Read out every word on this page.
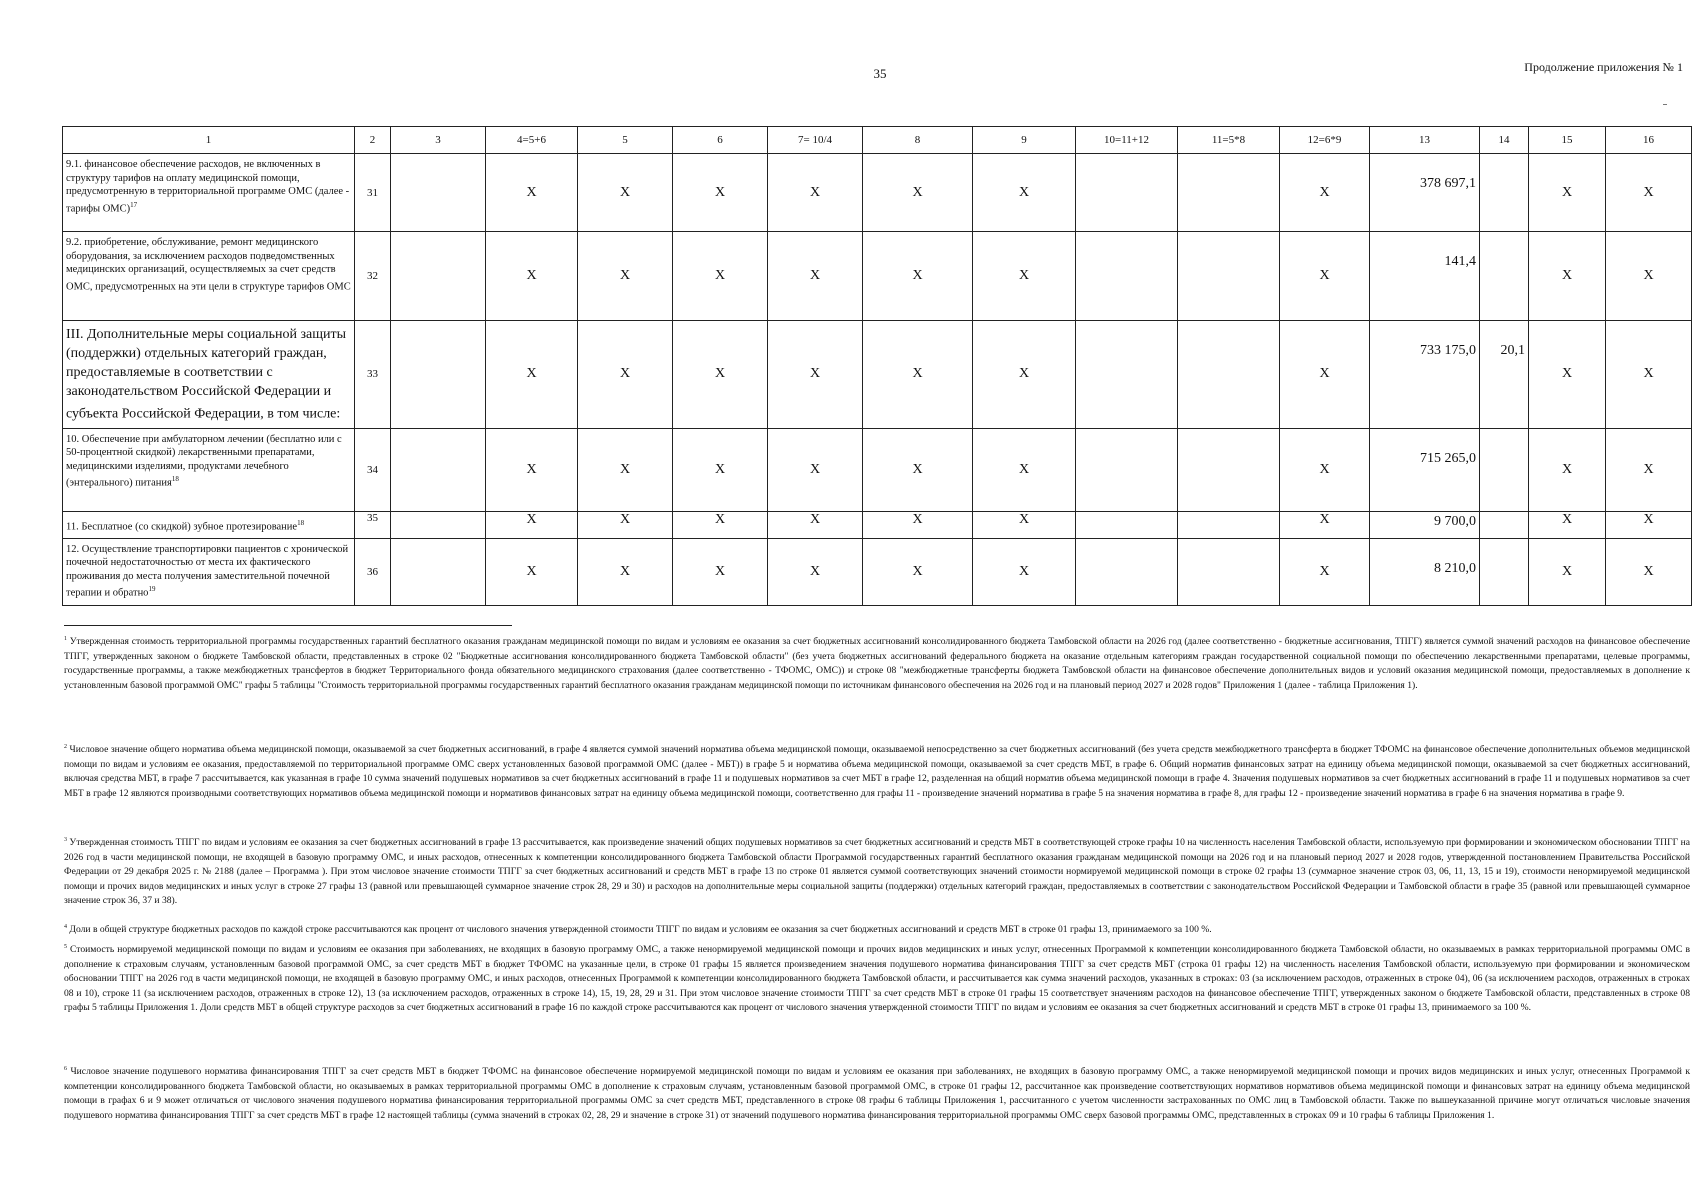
35	Продолжение приложения № 1
1	2	3	4=5+6	5	6	7= 10/4	8	9	10=11+12	11=5*8	12=6*9	13	14	15	16
9.1. финансовое обеспечение расходов, не включенных в структуру тарифов на оплату медицинской помощи, предусмотренную в территориальной программе ОМС (далее - тарифы ОМС)$^{17}$	31		X	X	X	X	X	X			X	378 697,1		X	X
9.2. приобретение, обслуживание, ремонт медицинского оборудования, за исключением расходов подведомственных медицинских организаций, осуществляемых за счет средств ОМС, предусмотренных на эти цели в структуре тарифов ОМС	32		X	X	X	X	X	X			X	141,4		X	X
III. Дополнительные меры социальной защиты (поддержки) отдельных категорий граждан, предоставляемые в соответствии с законодательством Российской Федерации и субъекта Российской Федерации, в том числе:	33		X	X	X	X	X	X			X	733 175,0	20,1	X	X
10. Обеспечение при амбулаторном лечении (бесплатно или с 50-процентной скидкой) лекарственными препаратами, медицинскими изделиями, продуктами лечебного (энтерального) питания$^{18}$	34		X	X	X	X	X	X			X	715 265,0		X	X
11. Бесплатное (со скидкой) зубное протезирование$^{18}$	35		X	X	X	X	X	X			X	9 700,0		X	X
12. Осуществление транспортировки пациентов с хронической почечной недостаточностью от места их фактического проживания до места получения заместительной почечной терапии и обратно$^{19}$	36		X	X	X	X	X	X			X	8 210,0		X	X
$^1$ Утвержденная стоимость территориальной программы государственных гарантий бесплатного оказания гражданам медицинской помощи по видам и условиям ее оказания за счет бюджетных ассигнований консолидированного бюджета Тамбовской области на 2026 год (далее соответственно - бюджетные ассигнования, ТПГГ) является суммой значений расходов на финансовое обеспечение ТПГГ, утвержденных законом о бюджете Тамбовской области, представленных в строке 02 "Бюджетные ассигнования консолидированного бюджета Тамбовской области" (без учета бюджетных ассигнований федерального бюджета на оказание отдельным категориям граждан государственной социальной помощи по обеспечению лекарственными препаратами, целевые программы, государственные программы, а также межбюджетных трансфертов в бюджет Территориального фонда обязательного медицинского страхования (далее соответственно - ТФОМС, ОМС)) и строке 08 "межбюджетные трансферты бюджета Тамбовской области на финансовое обеспечение дополнительных видов и условий оказания медицинской помощи, предоставляемых в дополнение к установленным базовой программой ОМС" графы 5 таблицы "Стоимость территориальной программы государственных гарантий бесплатного оказания гражданам медицинской помощи по источникам финансового обеспечения на 2026 год и на плановый период 2027 и 2028 годов" Приложения 1 (далее - таблица Приложения 1).
$^2$ Числовое значение общего норматива объема медицинской помощи, оказываемой за счет бюджетных ассигнований, в графе 4 является суммой значений норматива объема медицинской помощи, оказываемой непосредственно за счет бюджетных ассигнований (без учета средств межбюджетного трансферта в бюджет ТФОМС на финансовое обеспечение дополнительных объемов медицинской помощи по видам и условиям ее оказания, предоставляемой по территориальной программе ОМС сверх установленных базовой программой ОМС (далее - МБТ)) в графе 5 и норматива объема медицинской помощи, оказываемой за счет средств МБТ, в графе 6. Общий норматив финансовых затрат на единицу объема медицинской помощи, оказываемой за счет бюджетных ассигнований, включая средства МБТ, в графе 7 рассчитывается, как указанная в графе 10 сумма значений подушевых нормативов за счет бюджетных ассигнований в графе 11 и подушевых нормативов за счет МБТ в графе 12, разделенная на общий норматив объема медицинской помощи в графе 4. Значения подушевых нормативов за счет бюджетных ассигнований в графе 11 и подушевых нормативов за счет МБТ в графе 12 являются производными соответствующих нормативов объема медицинской помощи и нормативов финансовых затрат на единицу объема медицинской помощи, соответственно для графы 11 - произведение значений норматива в графе 5 на значения норматива в графе 8, для графы 12 - произведение значений норматива в графе 6 на значения норматива в графе 9.
$^3$ Утвержденная стоимость ТПГГ по видам и условиям ее оказания за счет бюджетных ассигнований в графе 13 рассчитывается, как произведение значений общих подушевых нормативов за счет бюджетных ассигнований и средств МБТ в соответствующей строке графы 10 на численность населения Тамбовской области, используемую при формировании и экономическом обосновании ТПГГ на 2026 год в части медицинской помощи, не входящей в базовую программу ОМС, и иных расходов, отнесенных к компетенции консолидированного бюджета Тамбовской области Программой государственных гарантий бесплатного оказания гражданам медицинской помощи на 2026 год и на плановый период 2027 и 2028 годов, утвержденной постановлением Правительства Российской Федерации от 29 декабря 2025 г. № 2188 (далее – Программа ). При этом числовое значение стоимости ТПГГ за счет бюджетных ассигнований и средств МБТ в графе 13 по строке 01 является суммой соответствующих значений стоимости нормируемой медицинской помощи в строке 02 графы 13 (суммарное значение строк 03, 06, 11, 13, 15 и 19), стоимости ненормируемой медицинской помощи и прочих видов медицинских и иных услуг в строке 27 графы 13 (равной или превышающей суммарное значение строк 28, 29 и 30) и расходов на дополнительные меры социальной защиты (поддержки) отдельных категорий граждан, предоставляемых в соответствии с законодательством Российской Федерации и Тамбовской области в графе 35 (равной или превышающей суммарное значение строк 36, 37 и 38).
$^4$ Доли в общей структуре бюджетных расходов по каждой строке рассчитываются как процент от числового значения утвержденной стоимости ТПГГ по видам и условиям ее оказания за счет бюджетных ассигнований и средств МБТ в строке 01 графы 13, принимаемого за 100 %.
$^5$ Стоимость нормируемой медицинской помощи по видам и условиям ее оказания при заболеваниях, не входящих в базовую программу ОМС, а также ненормируемой медицинской помощи и прочих видов медицинских и иных услуг, отнесенных Программой к компетенции консолидированного бюджета Тамбовской области, но оказываемых в рамках территориальной программы ОМС в дополнение к страховым случаям, установленным базовой программой ОМС, за счет средств МБТ в бюджет ТФОМС на указанные цели, в строке 01 графы 15 является произведением значения подушевого норматива финансирования ТПГГ за счет средств МБТ (строка 01 графы 12) на численность населения Тамбовской области, используемую при формировании и экономическом обосновании ТПГГ на 2026 год в части медицинской помощи, не входящей в базовую программу ОМС, и иных расходов, отнесенных Программой к компетенции консолидированного бюджета Тамбовской области, и рассчитывается как сумма значений расходов, указанных в строках: 03 (за исключением расходов, отраженных в строке 04), 06 (за исключением расходов, отраженных в строках 08 и 10), строке 11 (за исключением расходов, отраженных в строке 12), 13 (за исключением расходов, отраженных в строке 14), 15, 19, 28, 29 и 31. При этом числовое значение стоимости ТПГГ за счет средств МБТ в строке 01 графы 15 соответствует значениям расходов на финансовое обеспечение ТПГГ, утвержденных законом о бюджете Тамбовской области, представленных в строке 08 графы 5 таблицы Приложения 1. Доли средств МБТ в общей структуре расходов за счет бюджетных ассигнований в графе 16 по каждой строке рассчитываются как процент от числового значения утвержденной стоимости ТПГГ по видам и условиям ее оказания за счет бюджетных ассигнований и средств МБТ в строке 01 графы 13, принимаемого за 100 %.
$^6$ Числовое значение подушевого норматива финансирования ТПГГ за счет средств МБТ в бюджет ТФОМС на финансовое обеспечение нормируемой медицинской помощи по видам и условиям ее оказания при заболеваниях, не входящих в базовую программу ОМС, а также ненормируемой медицинской помощи и прочих видов медицинских и иных услуг, отнесенных Программой к компетенции консолидированного бюджета Тамбовской области, но оказываемых в рамках территориальной программы ОМС в дополнение к страховым случаям, установленным базовой программой ОМС, в строке 01 графы 12, рассчитанное как произведение соответствующих нормативов нормативов объема медицинской помощи и финансовых затрат на единицу объема медицинской помощи в графах 6 и 9 может отличаться от числового значения подушевого норматива финансирования территориальной программы ОМС за счет средств МБТ, представленного в строке 08 графы 6 таблицы Приложения 1, рассчитанного с учетом численности застрахованных по ОМС лиц в Тамбовской области. Также по вышеуказанной причине могут отличаться числовые значения подушевого норматива финансирования ТПГГ за счет средств МБТ в графе 12 настоящей таблицы (сумма значений в строках 02, 28, 29 и значение в строке 31) от значений подушевого норматива финансирования территориальной программы ОМС сверх базовой программы ОМС, представленных в строках 09 и 10 графы 6 таблицы Приложения 1.
